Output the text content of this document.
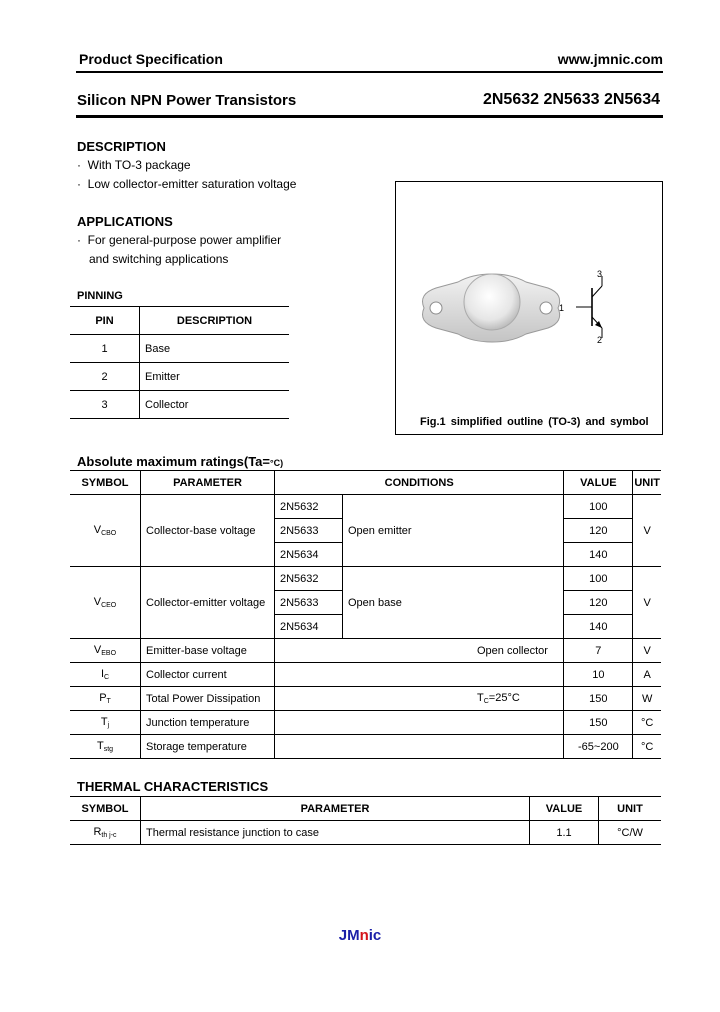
Product Specification	www.jmnic.com
Silicon NPN Power Transistors	2N5632 2N5633 2N5634
DESCRIPTION
· With TO-3 package
· Low collector-emitter saturation voltage
APPLICATIONS
· For general-purpose power amplifier
and switching applications
PINNING
PIN	DESCRIPTION
1	Base
2	Emitter
3	Collector
3
1
2
Fig.1 simplified outline (TO-3) and symbol
Absolute maximum ratings(Ta=°C)
SYMBOL	PARAMETER	CONDITIONS		VALUE	UNIT
$V_{CBO}$	Collector-base voltage	2N5632	Open emitter	100	V
		2N5633		120	
		2N5634		140	
$V_{CEO}$	Collector-emitter voltage	2N5632	Open base	100	V
		2N5633		120	
		2N5634		140	
$V_{EBO}$	Emitter-base voltage	Open collector		7	V
$I_C$	Collector current			10	A
$P_T$	Total Power Dissipation	$T_C=25^\circ C$		150	W
$T_j$	Junction temperature			150	°C
$T_{stg}$	Storage temperature			-65~200	°C
THERMAL CHARACTERISTICS
SYMBOL	PARAMETER	VALUE	UNIT
$R_{th j-c}$	Thermal resistance junction to case	1.1	°C/W
JMnic
